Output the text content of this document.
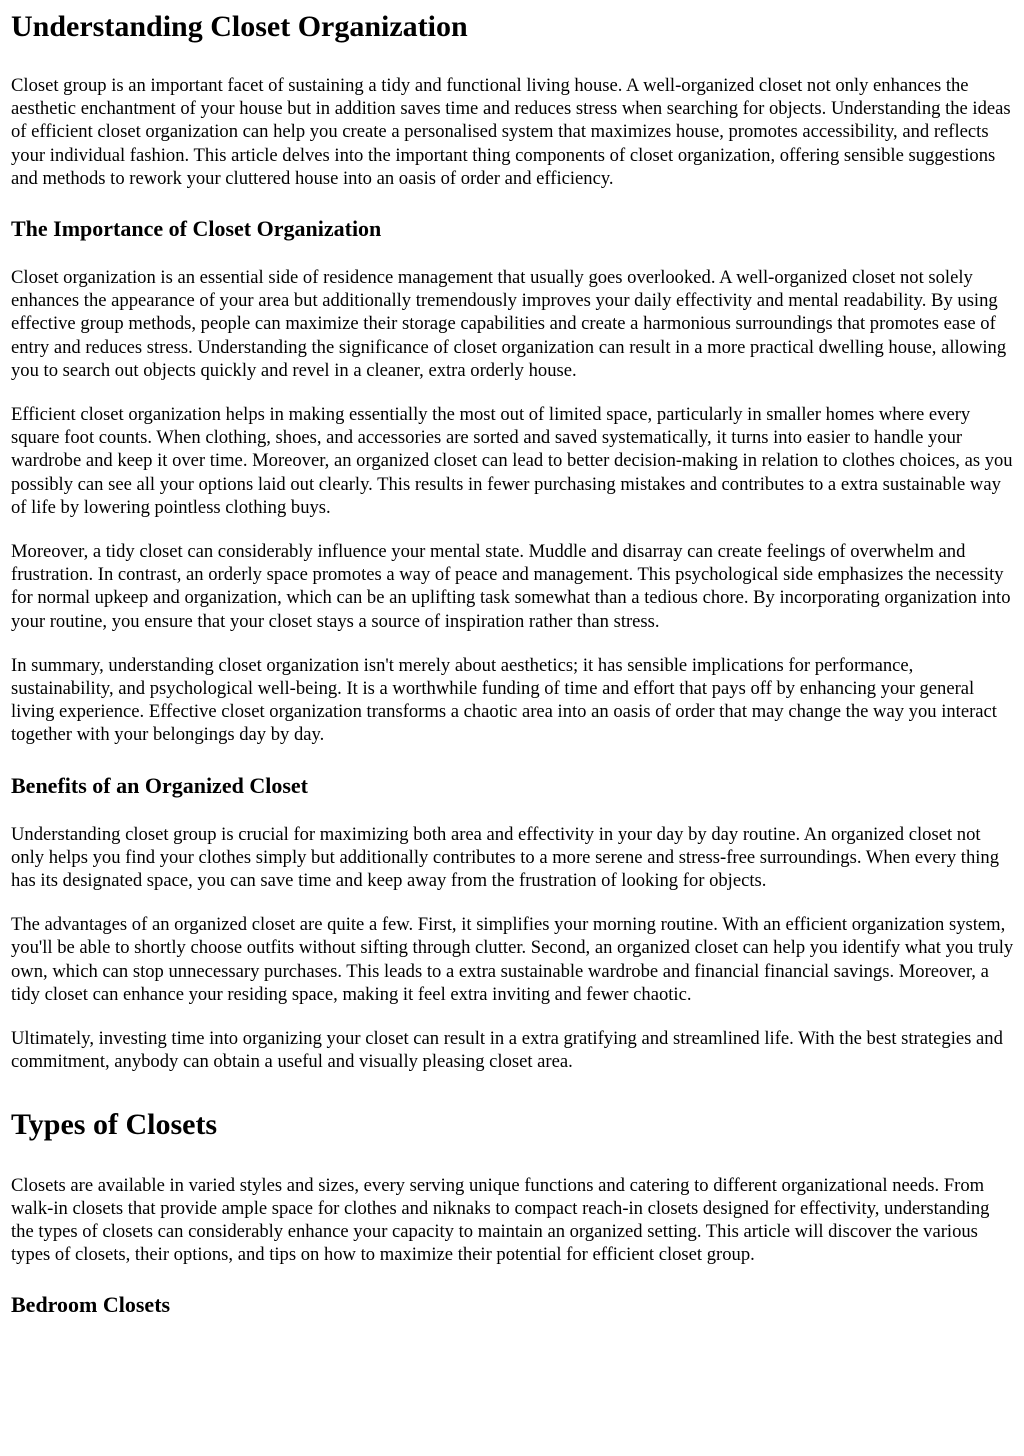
Understanding Closet Organization

Closet group is an important facet of sustaining a tidy and functional living house. A well-organized closet not only enhances the aesthetic enchantment of your house but in addition saves time and reduces stress when searching for objects. Understanding the ideas of efficient closet organization can help you create a personalised system that maximizes house, promotes accessibility, and reflects your individual fashion. This article delves into the important thing components of closet organization, offering sensible suggestions and methods to rework your cluttered house into an oasis of order and efficiency.

The Importance of Closet Organization

Closet organization is an essential side of residence management that usually goes overlooked. A well-organized closet not solely enhances the appearance of your area but additionally tremendously improves your daily effectivity and mental readability. By using effective group methods, people can maximize their storage capabilities and create a harmonious surroundings that promotes ease of entry and reduces stress. Understanding the significance of closet organization can result in a more practical dwelling house, allowing you to search out objects quickly and revel in a cleaner, extra orderly house.

Efficient closet organization helps in making essentially the most out of limited space, particularly in smaller homes where every square foot counts. When clothing, shoes, and accessories are sorted and saved systematically, it turns into easier to handle your wardrobe and keep it over time. Moreover, an organized closet can lead to better decision-making in relation to clothes choices, as you possibly can see all your options laid out clearly. This results in fewer purchasing mistakes and contributes to a extra sustainable way of life by lowering pointless clothing buys.

Moreover, a tidy closet can considerably influence your mental state. Muddle and disarray can create feelings of overwhelm and frustration. In contrast, an orderly space promotes a way of peace and management. This psychological side emphasizes the necessity for normal upkeep and organization, which can be an uplifting task somewhat than a tedious chore. By incorporating organization into your routine, you ensure that your closet stays a source of inspiration rather than stress.

In summary, understanding closet organization isn't merely about aesthetics; it has sensible implications for performance, sustainability, and psychological well-being. It is a worthwhile funding of time and effort that pays off by enhancing your general living experience. Effective closet organization transforms a chaotic area into an oasis of order that may change the way you interact together with your belongings day by day.

Benefits of an Organized Closet

Understanding closet group is crucial for maximizing both area and effectivity in your day by day routine. An organized closet not only helps you find your clothes simply but additionally contributes to a more serene and stress-free surroundings. When every thing has its designated space, you can save time and keep away from the frustration of looking for objects.

The advantages of an organized closet are quite a few. First, it simplifies your morning routine. With an efficient organization system, you'll be able to shortly choose outfits without sifting through clutter. Second, an organized closet can help you identify what you truly own, which can stop unnecessary purchases. This leads to a extra sustainable wardrobe and financial financial savings. Moreover, a tidy closet can enhance your residing space, making it feel extra inviting and fewer chaotic.

Ultimately, investing time into organizing your closet can result in a extra gratifying and streamlined life. With the best strategies and commitment, anybody can obtain a useful and visually pleasing closet area.

Types of Closets

Closets are available in varied styles and sizes, every serving unique functions and catering to different organizational needs. From walk-in closets that provide ample space for clothes and niknaks to compact reach-in closets designed for effectivity, understanding the types of closets can considerably enhance your capacity to maintain an organized setting. This article will discover the various types of closets, their options, and tips on how to maximize their potential for efficient closet group.

Bedroom Closets
